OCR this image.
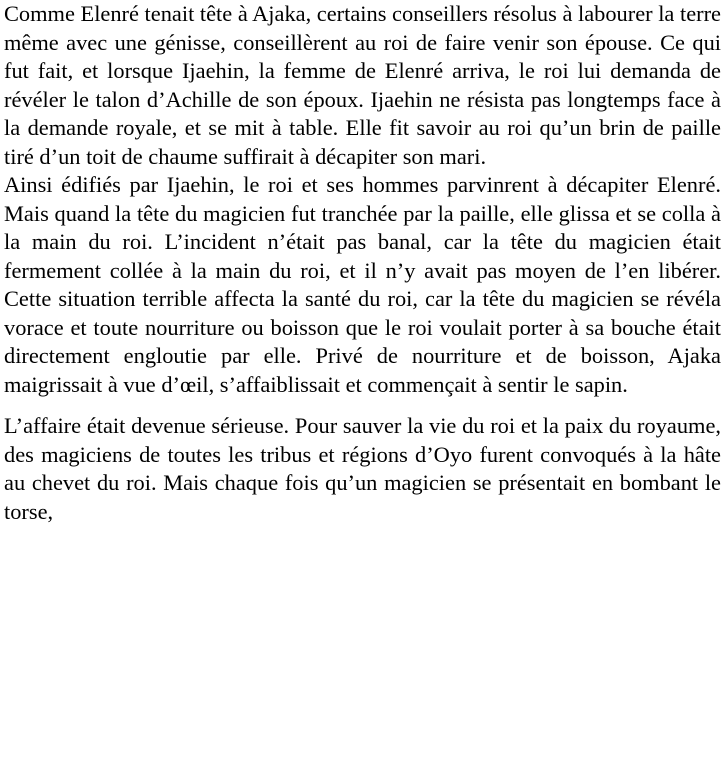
Comme Elenré tenait tête à Ajaka, certains conseillers résolus à labourer la terre même avec une génisse, conseillèrent au roi de faire venir son épouse. Ce qui fut fait, et lorsque Ijaehin, la femme de Elenré arriva, le roi lui demanda de révéler le talon d’Achille de son époux. Ijaehin ne résista pas longtemps face à la demande royale, et se mit à table. Elle fit savoir au roi qu’un brin de paille tiré d’un toit de chaume suffirait à décapiter son mari.

Ainsi édifiés par Ijaehin, le roi et ses hommes parvinrent à décapiter Elenré. Mais quand la tête du magicien fut tranchée par la paille, elle glissa et se colla à la main du roi. L’incident n’était pas banal, car la tête du magicien était fermement collée à la main du roi, et il n’y avait pas moyen de l’en libérer. Cette situation terrible affecta la santé du roi, car la tête du magicien se révéla vorace et toute nourriture ou boisson que le roi voulait porter à sa bouche était directement engloutie par elle. Privé de nourriture et de boisson, Ajaka maigrissait à vue d’œil, s’affaiblissait et commençait à sentir le sapin.

L’affaire était devenue sérieuse. Pour sauver la vie du roi et la paix du royaume, des magiciens de toutes les tribus et régions d’Oyo furent convoqués à la hâte au chevet du roi. Mais chaque fois qu’un magicien se présentait en bombant le torse,
